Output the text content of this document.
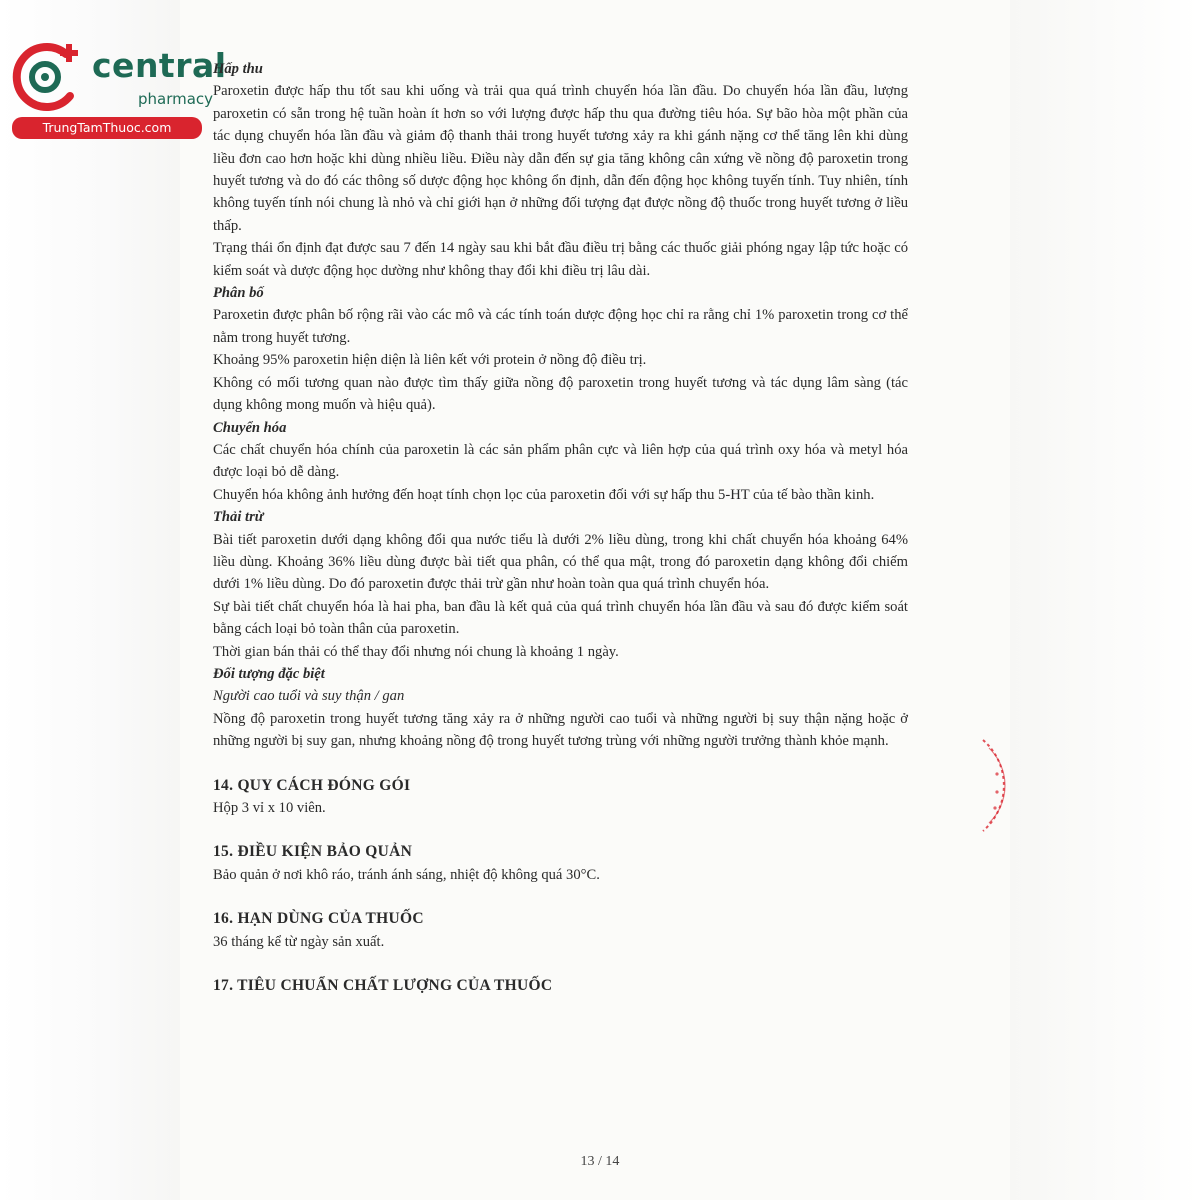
central
pharmacy
TrungTamThuoc.com

Hấp thu

Paroxetin được hấp thu tốt sau khi uống và trải qua quá trình chuyển hóa lần đầu. Do chuyển hóa lần đầu, lượng paroxetin có sẵn trong hệ tuần hoàn ít hơn so với lượng được hấp thu qua đường tiêu hóa. Sự bão hòa một phần của tác dụng chuyển hóa lần đầu và giảm độ thanh thải trong huyết tương xảy ra khi gánh nặng cơ thể tăng lên khi dùng liều đơn cao hơn hoặc khi dùng nhiều liều. Điều này dẫn đến sự gia tăng không cân xứng về nồng độ paroxetin trong huyết tương và do đó các thông số dược động học không ổn định, dẫn đến động học không tuyến tính. Tuy nhiên, tính không tuyến tính nói chung là nhỏ và chỉ giới hạn ở những đối tượng đạt được nồng độ thuốc trong huyết tương ở liều thấp.

Trạng thái ổn định đạt được sau 7 đến 14 ngày sau khi bắt đầu điều trị bằng các thuốc giải phóng ngay lập tức hoặc có kiểm soát và dược động học dường như không thay đổi khi điều trị lâu dài.

Phân bố

Paroxetin được phân bố rộng rãi vào các mô và các tính toán dược động học chỉ ra rằng chỉ 1% paroxetin trong cơ thể nằm trong huyết tương.

Khoảng 95% paroxetin hiện diện là liên kết với protein ở nồng độ điều trị.

Không có mối tương quan nào được tìm thấy giữa nồng độ paroxetin trong huyết tương và tác dụng lâm sàng (tác dụng không mong muốn và hiệu quả).

Chuyển hóa

Các chất chuyển hóa chính của paroxetin là các sản phẩm phân cực và liên hợp của quá trình oxy hóa và metyl hóa được loại bỏ dễ dàng.

Chuyển hóa không ảnh hưởng đến hoạt tính chọn lọc của paroxetin đối với sự hấp thu 5-HT của tế bào thần kinh.

Thải trừ

Bài tiết paroxetin dưới dạng không đổi qua nước tiểu là dưới 2% liều dùng, trong khi chất chuyển hóa khoảng 64% liều dùng. Khoảng 36% liều dùng được bài tiết qua phân, có thể qua mật, trong đó paroxetin dạng không đổi chiếm dưới 1% liều dùng. Do đó paroxetin được thải trừ gần như hoàn toàn qua quá trình chuyển hóa.

Sự bài tiết chất chuyển hóa là hai pha, ban đầu là kết quả của quá trình chuyển hóa lần đầu và sau đó được kiểm soát bằng cách loại bỏ toàn thân của paroxetin.

Thời gian bán thải có thể thay đổi nhưng nói chung là khoảng 1 ngày.

Đối tượng đặc biệt

Người cao tuổi và suy thận / gan

Nồng độ paroxetin trong huyết tương tăng xảy ra ở những người cao tuổi và những người bị suy thận nặng hoặc ở những người bị suy gan, nhưng khoảng nồng độ trong huyết tương trùng với những người trưởng thành khỏe mạnh.

14. QUY CÁCH ĐÓNG GÓI

Hộp 3 vỉ x 10 viên.

15. ĐIỀU KIỆN BẢO QUẢN

Bảo quản ở nơi khô ráo, tránh ánh sáng, nhiệt độ không quá 30°C.

16. HẠN DÙNG CỦA THUỐC

36 tháng kể từ ngày sản xuất.

17. TIÊU CHUẨN CHẤT LƯỢNG CỦA THUỐC

13 / 14
